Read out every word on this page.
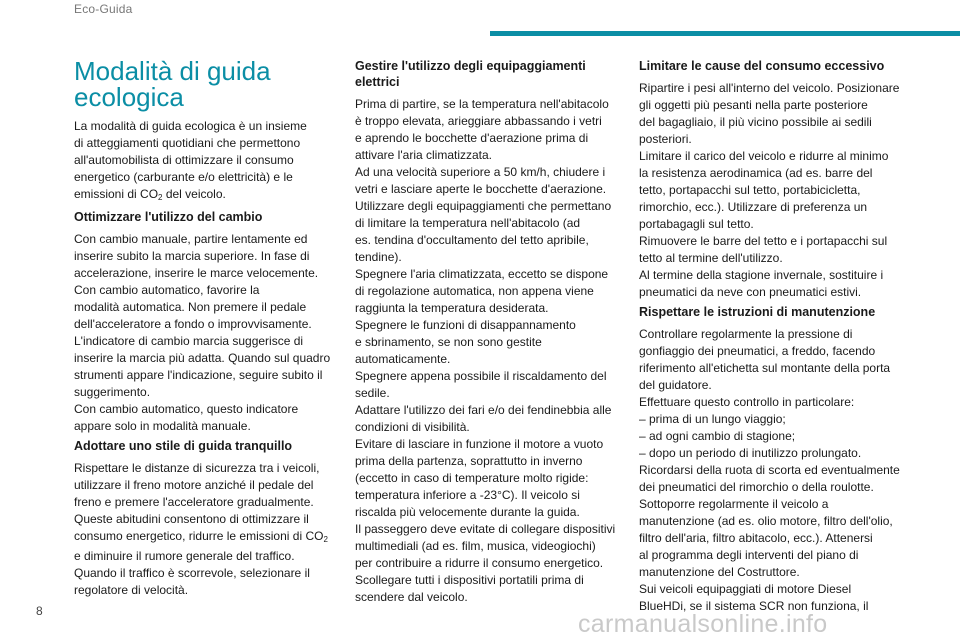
Eco-Guida
Modalità di guida
ecologica

La modalità di guida ecologica è un insieme
di atteggiamenti quotidiani che permettono
all'automobilista di ottimizzare il consumo
energetico (carburante e/o elettricità) e le
emissioni di $CO_2$ del veicolo.

Ottimizzare l'utilizzo del cambio

Con cambio manuale, partire lentamente ed
inserire subito la marcia superiore. In fase di
accelerazione, inserire le marce velocemente.
Con cambio automatico, favorire la
modalità automatica. Non premere il pedale
dell'acceleratore a fondo o improvvisamente.
L'indicatore di cambio marcia suggerisce di
inserire la marcia più adatta. Quando sul quadro
strumenti appare l'indicazione, seguire subito il
suggerimento.
Con cambio automatico, questo indicatore
appare solo in modalità manuale.

Adottare uno stile di guida tranquillo

Rispettare le distanze di sicurezza tra i veicoli,
utilizzare il freno motore anziché il pedale del
freno e premere l'acceleratore gradualmente.
Queste abitudini consentono di ottimizzare il
consumo energetico, ridurre le emissioni di $CO_2$
e diminuire il rumore generale del traffico.
Quando il traffico è scorrevole, selezionare il
regolatore di velocità.

Gestire l'utilizzo degli equipaggiamenti
elettrici

Prima di partire, se la temperatura nell'abitacolo
è troppo elevata, arieggiare abbassando i vetri
e aprendo le bocchette d'aerazione prima di
attivare l'aria climatizzata.
Ad una velocità superiore a 50 km/h, chiudere i
vetri e lasciare aperte le bocchette d'aerazione.
Utilizzare degli equipaggiamenti che permettano
di limitare la temperatura nell'abitacolo (ad
es. tendina d'occultamento del tetto apribile,
tendine).
Spegnere l'aria climatizzata, eccetto se dispone
di regolazione automatica, non appena viene
raggiunta la temperatura desiderata.
Spegnere le funzioni di disappannamento
e sbrinamento, se non sono gestite
automaticamente.
Spegnere appena possibile il riscaldamento del
sedile.
Adattare l'utilizzo dei fari e/o dei fendinebbia alle
condizioni di visibilità.
Evitare di lasciare in funzione il motore a vuoto
prima della partenza, soprattutto in inverno
(eccetto in caso di temperature molto rigide:
temperatura inferiore a -23°C). Il veicolo si
riscalda più velocemente durante la guida.
Il passeggero deve evitate di collegare dispositivi
multimediali (ad es. film, musica, videogiochi)
per contribuire a ridurre il consumo energetico.
Scollegare tutti i dispositivi portatili prima di
scendere dal veicolo.

Limitare le cause del consumo eccessivo

Ripartire i pesi all'interno del veicolo. Posizionare
gli oggetti più pesanti nella parte posteriore
del bagagliaio, il più vicino possibile ai sedili
posteriori.
Limitare il carico del veicolo e ridurre al minimo
la resistenza aerodinamica (ad es. barre del
tetto, portapacchi sul tetto, portabicicletta,
rimorchio, ecc.). Utilizzare di preferenza un
portabagagli sul tetto.
Rimuovere le barre del tetto e i portapacchi sul
tetto al termine dell'utilizzo.
Al termine della stagione invernale, sostituire i
pneumatici da neve con pneumatici estivi.

Rispettare le istruzioni di manutenzione

Controllare regolarmente la pressione di
gonfiaggio dei pneumatici, a freddo, facendo
riferimento all'etichetta sul montante della porta
del guidatore.
Effettuare questo controllo in particolare:
– prima di un lungo viaggio;
– ad ogni cambio di stagione;
– dopo un periodo di inutilizzo prolungato.
Ricordarsi della ruota di scorta ed eventualmente
dei pneumatici del rimorchio o della roulotte.
Sottoporre regolarmente il veicolo a
manutenzione (ad es. olio motore, filtro dell'olio,
filtro dell'aria, filtro abitacolo, ecc.). Attenersi
al programma degli interventi del piano di
manutenzione del Costruttore.
Sui veicoli equipaggiati di motore Diesel
BlueHDi, se il sistema SCR non funziona, il

8	carmanualsonline.info
